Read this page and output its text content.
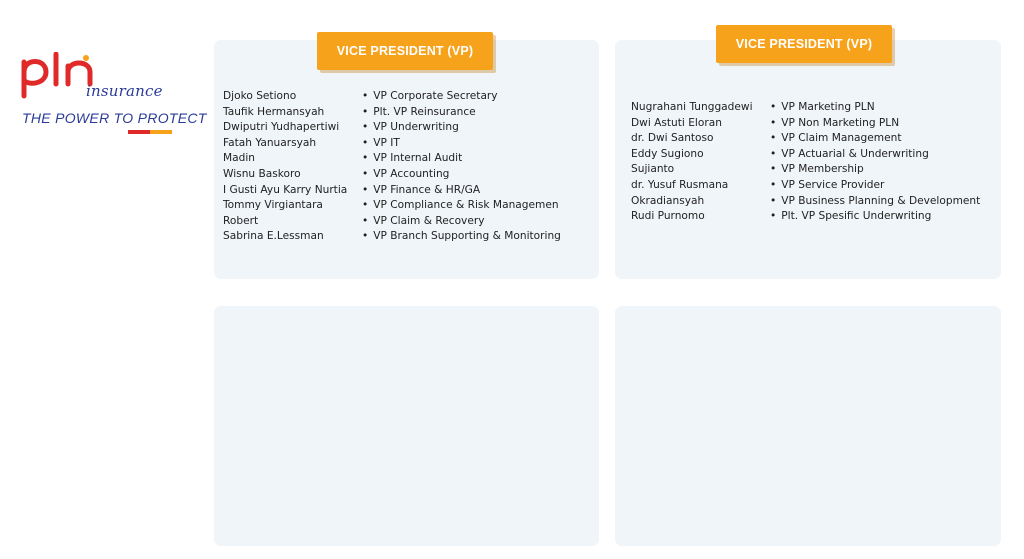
insurance
THE POWER TO PROTECT
VICE PRESIDENT (VP)	VICE PRESIDENT (VP)
Djoko Setiono
Taufik Hermansyah
Dwiputri Yudhapertiwi
Fatah Yanuarsyah
Madin
Wisnu Baskoro
I Gusti Ayu Karry Nurtia
Tommy Virgiantara
Robert
Sabrina E.Lessman
• VP Corporate Secretary
• Plt. VP Reinsurance
• VP Underwriting
• VP IT
• VP Internal Audit
• VP Accounting
• VP Finance & HR/GA
• VP Compliance & Risk Managemen
• VP Claim & Recovery
• VP Branch Supporting & Monitoring
Nugrahani Tunggadewi
Dwi Astuti Eloran
dr. Dwi Santoso
Eddy Sugiono
Sujianto
dr. Yusuf Rusmana
Okradiansyah
Rudi Purnomo
• VP Marketing PLN
• VP Non Marketing PLN
• VP Claim Management
• VP Actuarial & Underwriting
• VP Membership
• VP Service Provider
• VP Business Planning & Development
• Plt. VP Spesific Underwriting
